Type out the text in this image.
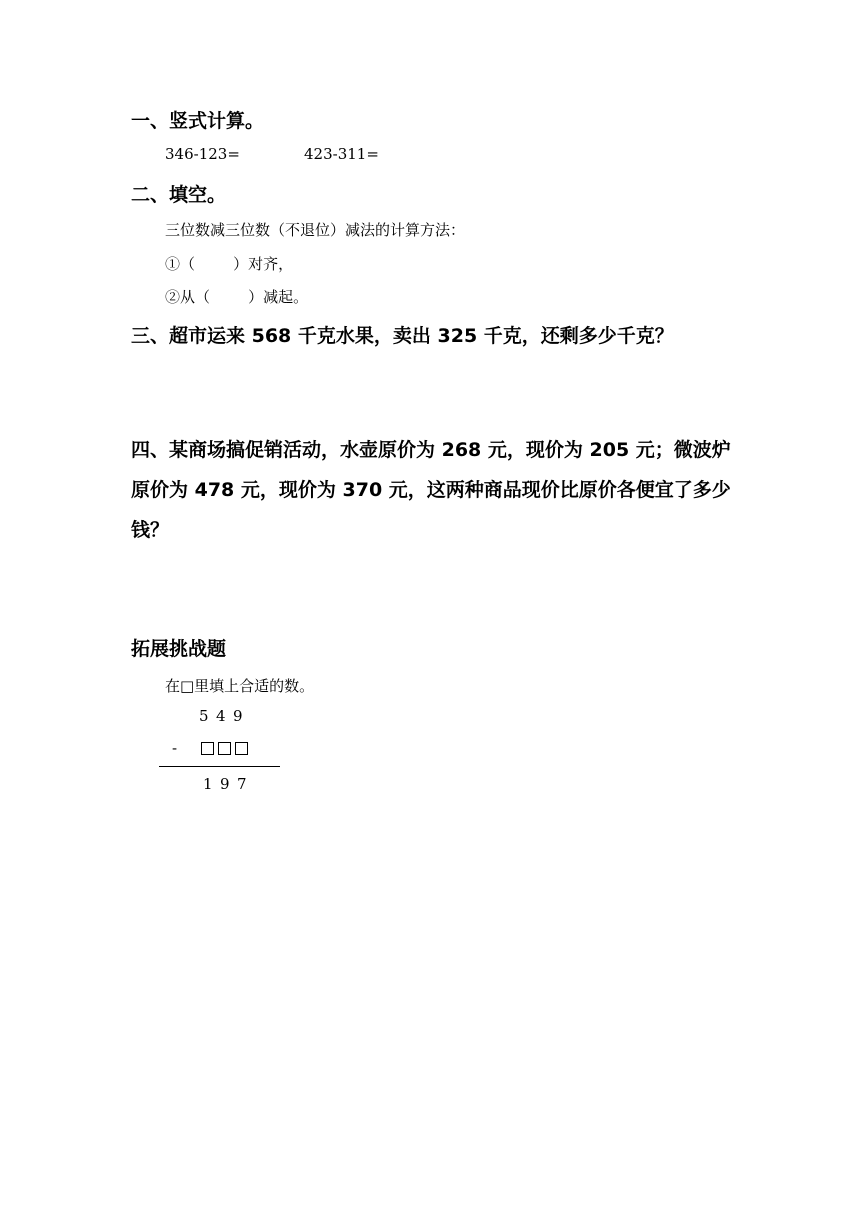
一、竖式计算。
346-123=	423-311=
二、填空。
三位数减三位数（不退位）减法的计算方法：
①（        ）对齐，
②从（        ）减起。
三、超市运来 568 千克水果，卖出 325 千克，还剩多少千克？
四、某商场搞促销活动，水壶原价为 268 元，现价为 205 元；微波炉原价为 478 元，现价为 370 元，这两种商品现价比原价各便宜了多少钱？
拓展挑战题
在□里填上合适的数。
5 4 9
-
1 9 7
